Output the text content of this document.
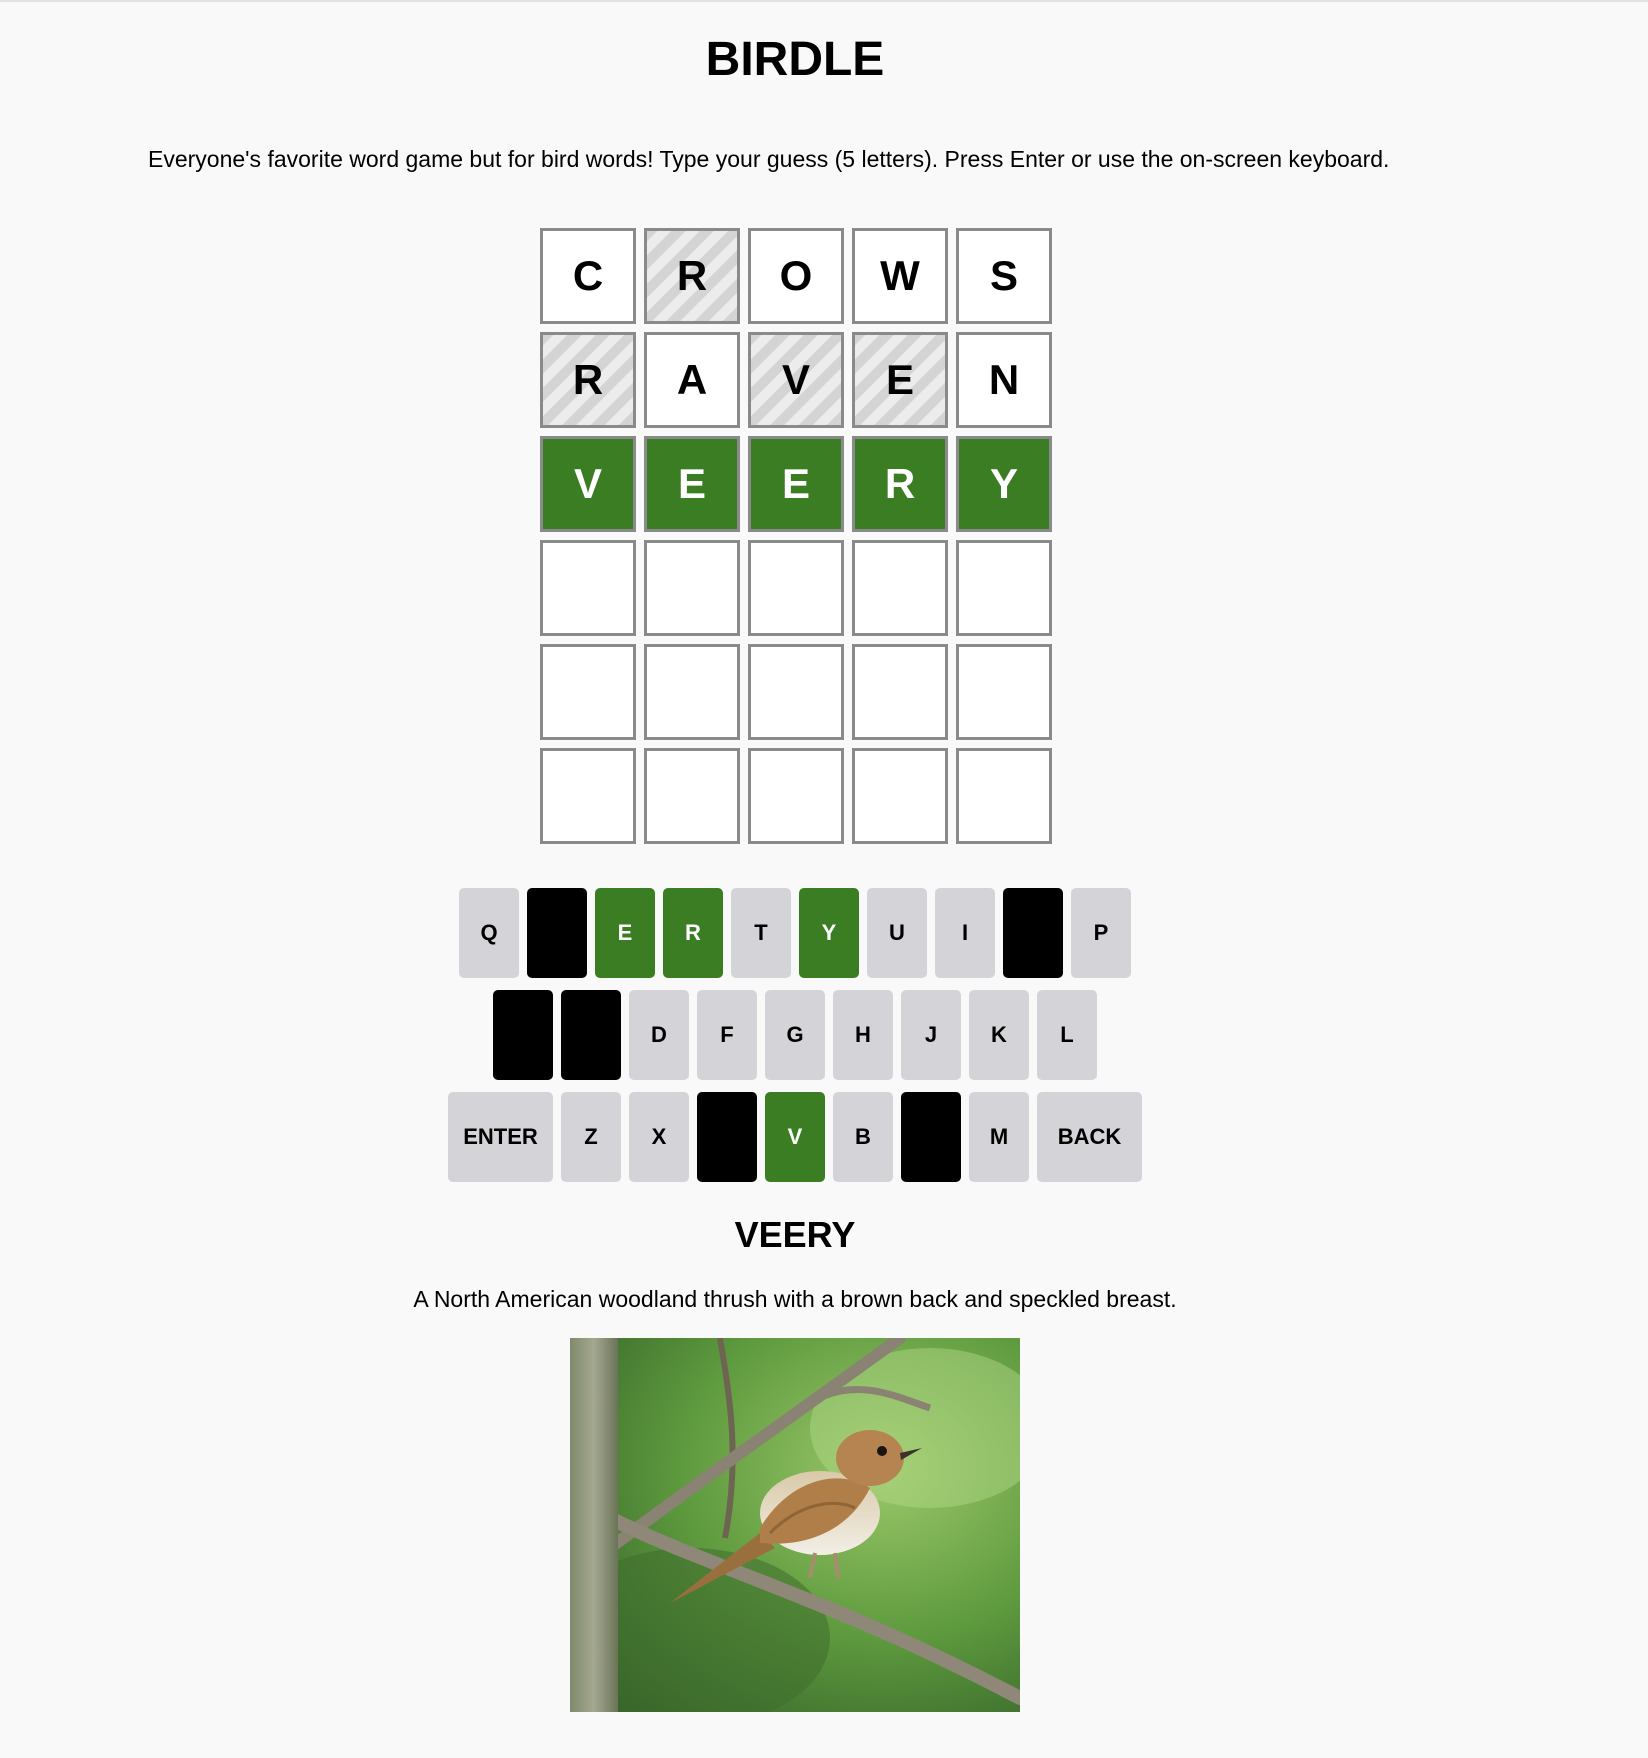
BIRDLE

Everyone's favorite word game but for bird words! Type your guess (5 letters). Press Enter or use the on-screen keyboard.

C	R	O	W	S
R	A	V	E	N
V	E	E	R	Y
Q	W	E	R	T	Y	U	I	O	P
A	S	D	F	G	H	J	K	L
ENTER	Z	X	C	V	B	N	M	BACK
VEERY

A North American woodland thrush with a brown back and speckled breast.
